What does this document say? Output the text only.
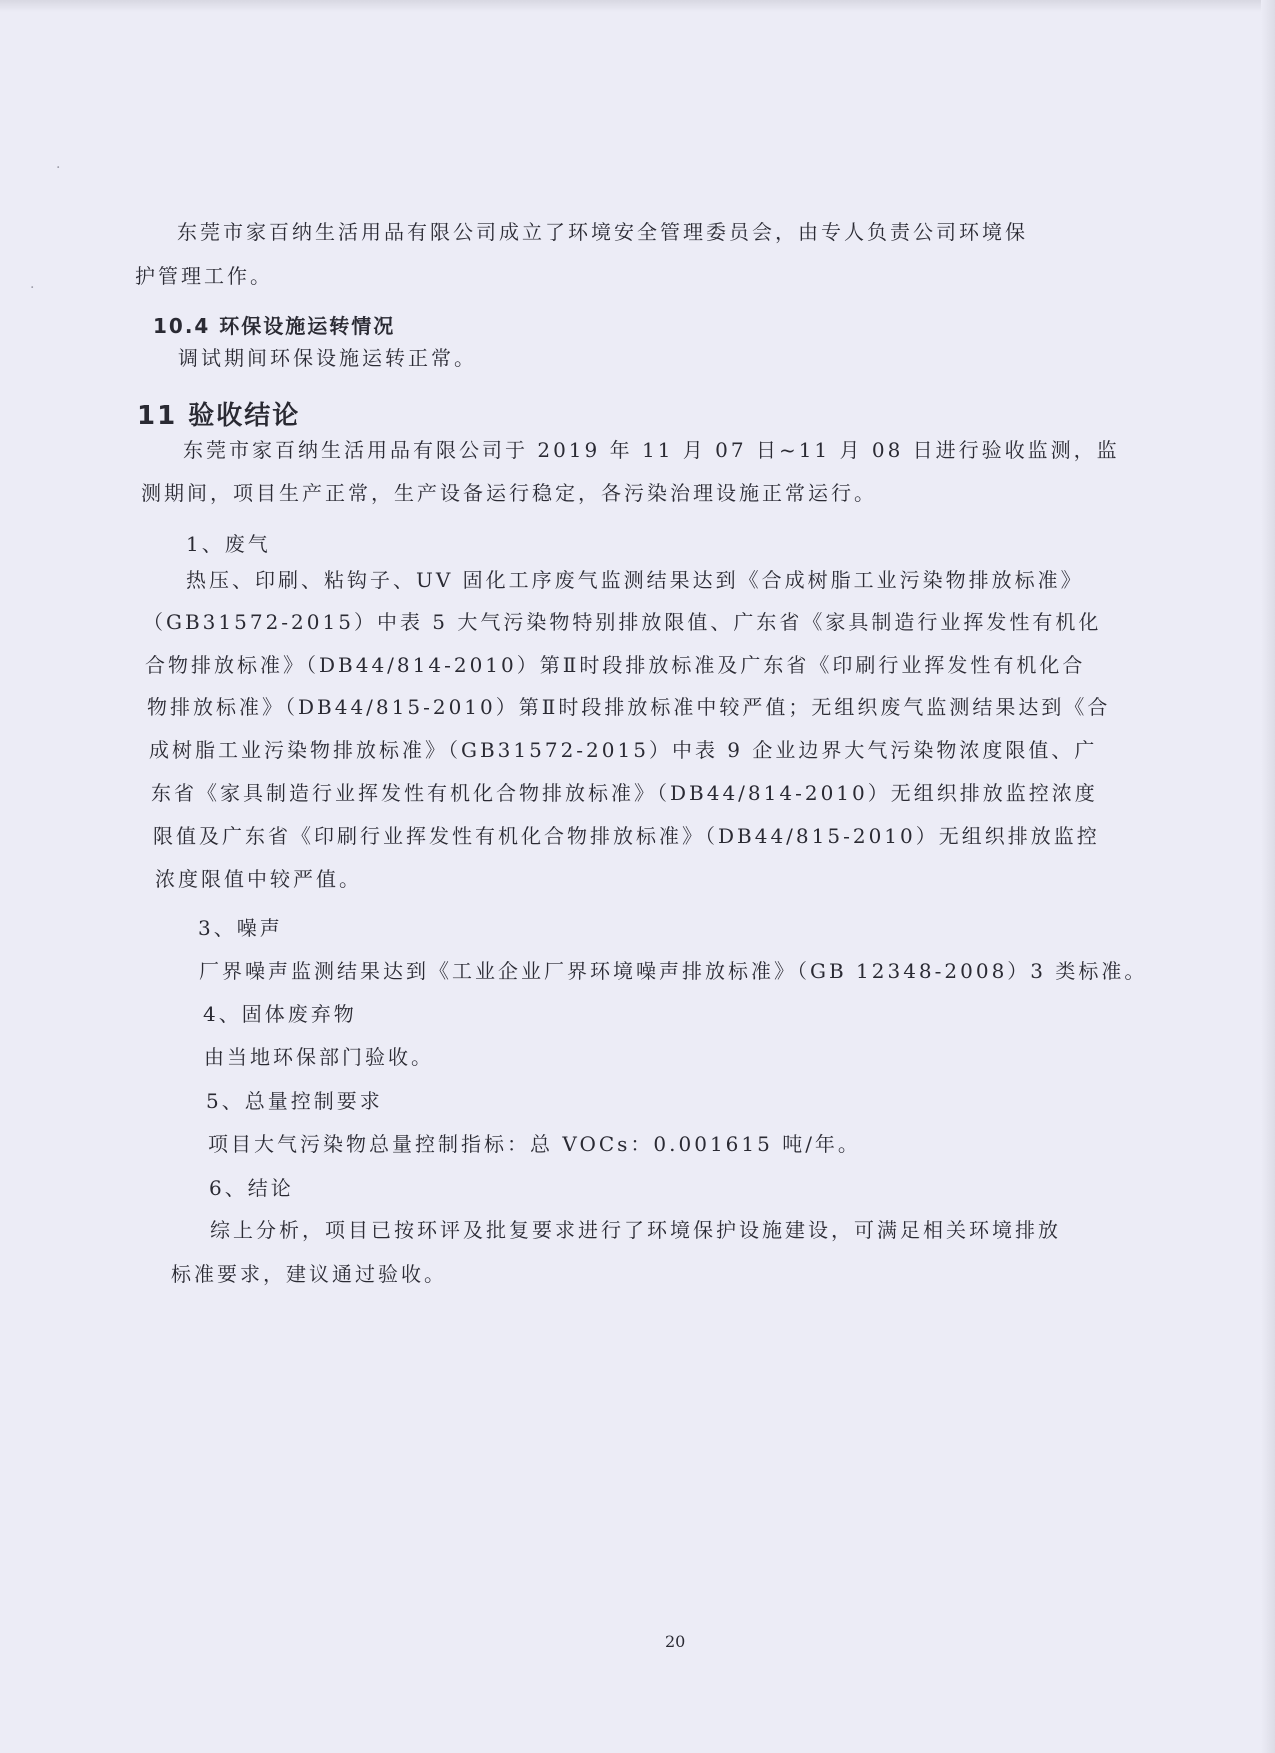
·
·
东莞市家百纳生活用品有限公司成立了环境安全管理委员会，由专人负责公司环境保
护管理工作。
10.4 环保设施运转情况
调试期间环保设施运转正常。
11 验收结论
东莞市家百纳生活用品有限公司于 2019 年 11 月 07 日~11 月 08 日进行验收监测，监
测期间，项目生产正常，生产设备运行稳定，各污染治理设施正常运行。
1、废气
热压、印刷、粘钩子、UV 固化工序废气监测结果达到《合成树脂工业污染物排放标准》
（GB31572-2015）中表 5 大气污染物特别排放限值、广东省《家具制造行业挥发性有机化
合物排放标准》（DB44/814-2010）第Ⅱ时段排放标准及广东省《印刷行业挥发性有机化合
物排放标准》（DB44/815-2010）第Ⅱ时段排放标准中较严值；无组织废气监测结果达到《合
成树脂工业污染物排放标准》（GB31572-2015）中表 9 企业边界大气污染物浓度限值、广
东省《家具制造行业挥发性有机化合物排放标准》（DB44/814-2010）无组织排放监控浓度
限值及广东省《印刷行业挥发性有机化合物排放标准》（DB44/815-2010）无组织排放监控
浓度限值中较严值。
3、噪声
厂界噪声监测结果达到《工业企业厂界环境噪声排放标准》（GB 12348-2008）3 类标准。
4、固体废弃物
由当地环保部门验收。
5、总量控制要求
项目大气污染物总量控制指标：总 VOCs：0.001615 吨/年。
6、结论
综上分析，项目已按环评及批复要求进行了环境保护设施建设，可满足相关环境排放
标准要求，建议通过验收。
20
